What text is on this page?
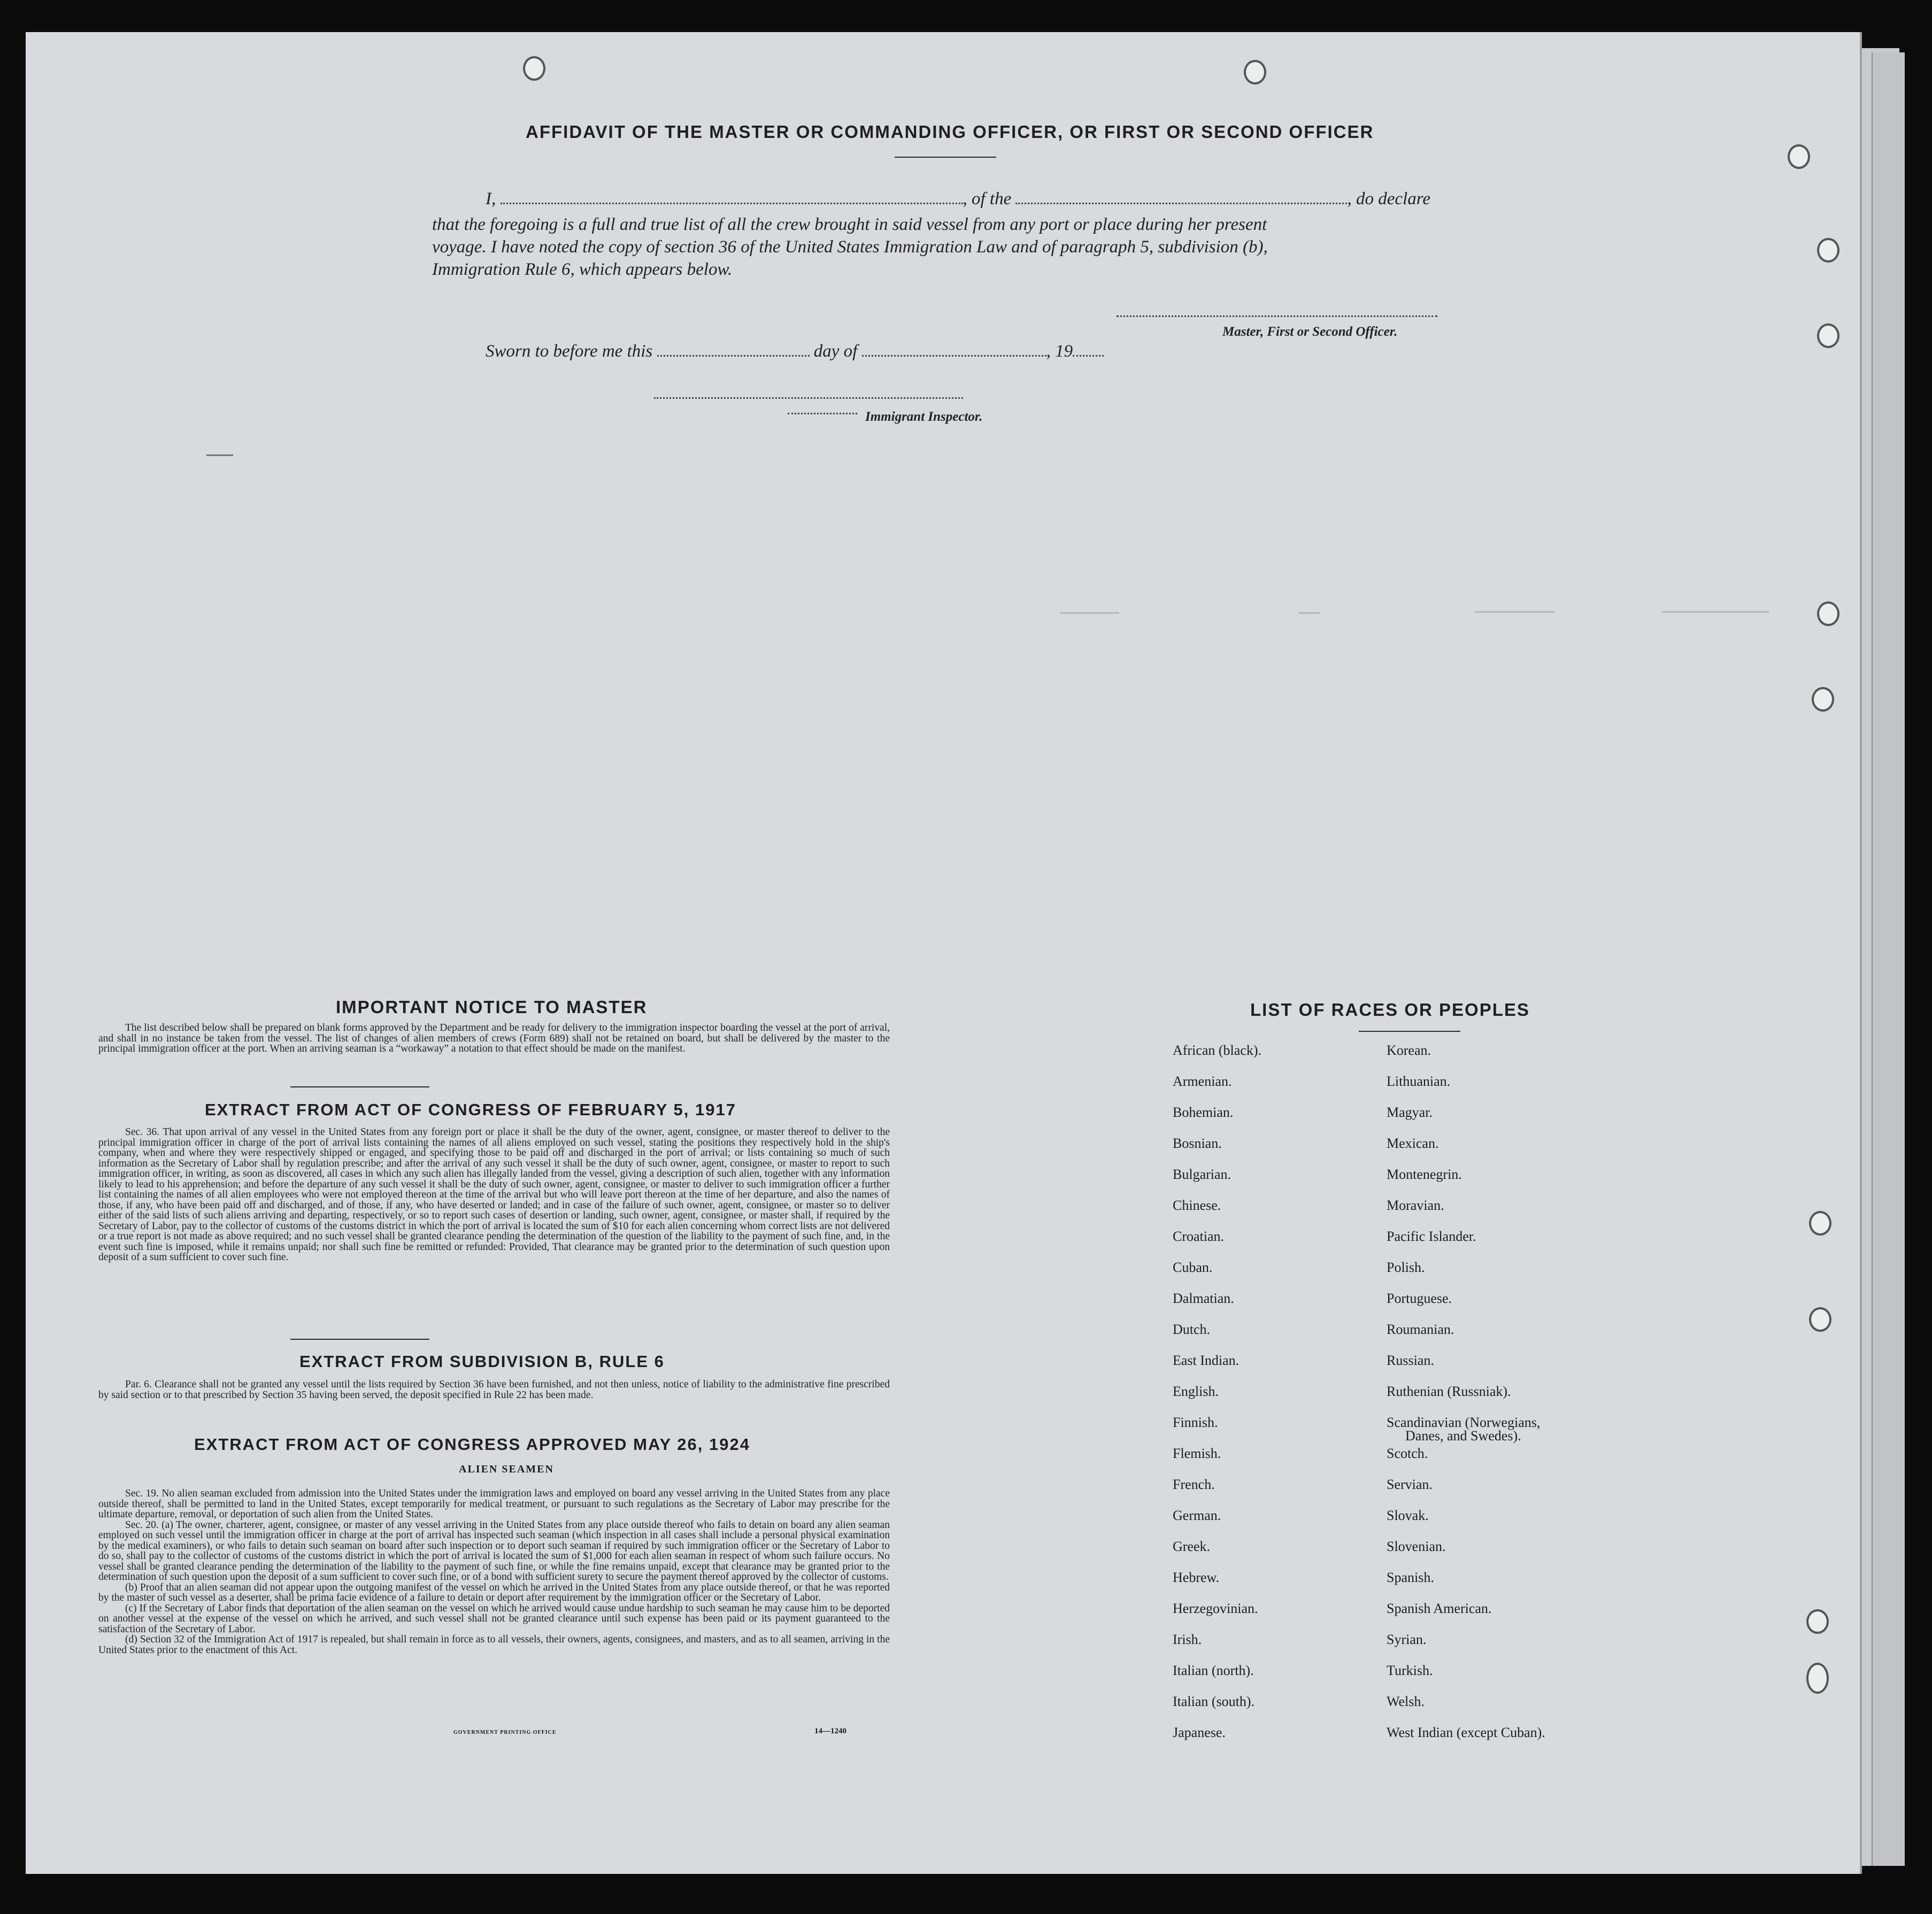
AFFIDAVIT OF THE MASTER OR COMMANDING OFFICER, OR FIRST OR SECOND OFFICER
I,	, of the	, do declare
that the foregoing is a full and true list of all the crew brought in said vessel from any port or place during her present
voyage. I have noted the copy of section 36 of the United States Immigration Law and of paragraph 5, subdivision (b),
Immigration Rule 6, which appears below.
Master, First or Second Officer.
Sworn to before me this	day of	, 19
Immigrant Inspector.
IMPORTANT NOTICE TO MASTER
The list described below shall be prepared on blank forms approved by the Department and be ready for delivery to the immigration inspector boarding the vessel at the port of arrival, and shall in no instance be taken from the vessel. The list of changes of alien members of crews (Form 689) shall not be retained on board, but shall be delivered by the master to the principal immigration officer at the port. When an arriving seaman is a “workaway” a notation to that effect should be made on the manifest.
EXTRACT FROM ACT OF CONGRESS OF FEBRUARY 5, 1917
Sec. 36. That upon arrival of any vessel in the United States from any foreign port or place it shall be the duty of the owner, agent, consignee, or master thereof to deliver to the principal immigration officer in charge of the port of arrival lists containing the names of all aliens employed on such vessel, stating the positions they respectively hold in the ship's company, when and where they were respectively shipped or engaged, and specifying those to be paid off and discharged in the port of arrival; or lists containing so much of such information as the Secretary of Labor shall by regulation prescribe; and after the arrival of any such vessel it shall be the duty of such owner, agent, consignee, or master to report to such immigration officer, in writing, as soon as discovered, all cases in which any such alien has illegally landed from the vessel, giving a description of such alien, together with any information likely to lead to his apprehension; and before the departure of any such vessel it shall be the duty of such owner, agent, consignee, or master to deliver to such immigration officer a further list containing the names of all alien employees who were not employed thereon at the time of the arrival but who will leave port thereon at the time of her departure, and also the names of those, if any, who have been paid off and discharged, and of those, if any, who have deserted or landed; and in case of the failure of such owner, agent, consignee, or master so to deliver either of the said lists of such aliens arriving and departing, respectively, or so to report such cases of desertion or landing, such owner, agent, consignee, or master shall, if required by the Secretary of Labor, pay to the collector of customs of the customs district in which the port of arrival is located the sum of $10 for each alien concerning whom correct lists are not delivered or a true report is not made as above required; and no such vessel shall be granted clearance pending the determination of the question of the liability to the payment of such fine, and, in the event such fine is imposed, while it remains unpaid; nor shall such fine be remitted or refunded: Provided, That clearance may be granted prior to the determination of such question upon deposit of a sum sufficient to cover such fine.
EXTRACT FROM SUBDIVISION B, RULE 6
Par. 6. Clearance shall not be granted any vessel until the lists required by Section 36 have been furnished, and not then unless, notice of liability to the administrative fine prescribed by said section or to that prescribed by Section 35 having been served, the deposit specified in Rule 22 has been made.
EXTRACT FROM ACT OF CONGRESS APPROVED MAY 26, 1924
ALIEN SEAMEN
Sec. 19. No alien seaman excluded from admission into the United States under the immigration laws and employed on board any vessel arriving in the United States from any place outside thereof, shall be permitted to land in the United States, except temporarily for medical treatment, or pursuant to such regulations as the Secretary of Labor may prescribe for the ultimate departure, removal, or deportation of such alien from the United States.
Sec. 20. (a) The owner, charterer, agent, consignee, or master of any vessel arriving in the United States from any place outside thereof who fails to detain on board any alien seaman employed on such vessel until the immigration officer in charge at the port of arrival has inspected such seaman (which inspection in all cases shall include a personal physical examination by the medical examiners), or who fails to detain such seaman on board after such inspection or to deport such seaman if required by such immigration officer or the Secretary of Labor to do so, shall pay to the collector of customs of the customs district in which the port of arrival is located the sum of $1,000 for each alien seaman in respect of whom such failure occurs. No vessel shall be granted clearance pending the determination of the liability to the payment of such fine, or while the fine remains unpaid, except that clearance may be granted prior to the determination of such question upon the deposit of a sum sufficient to cover such fine, or of a bond with sufficient surety to secure the payment thereof approved by the collector of customs.
(b) Proof that an alien seaman did not appear upon the outgoing manifest of the vessel on which he arrived in the United States from any place outside thereof, or that he was reported by the master of such vessel as a deserter, shall be prima facie evidence of a failure to detain or deport after requirement by the immigration officer or the Secretary of Labor.
(c) If the Secretary of Labor finds that deportation of the alien seaman on the vessel on which he arrived would cause undue hardship to such seaman he may cause him to be deported on another vessel at the expense of the vessel on which he arrived, and such vessel shall not be granted clearance until such expense has been paid or its payment guaranteed to the satisfaction of the Secretary of Labor.
(d) Section 32 of the Immigration Act of 1917 is repealed, but shall remain in force as to all vessels, their owners, agents, consignees, and masters, and as to all seamen, arriving in the United States prior to the enactment of this Act.
GOVERNMENT PRINTING OFFICE	14—1240
LIST OF RACES OR PEOPLES
African (black).
Armenian.
Bohemian.
Bosnian.
Bulgarian.
Chinese.
Croatian.
Cuban.
Dalmatian.
Dutch.
East Indian.
English.
Finnish.
Flemish.
French.
German.
Greek.
Hebrew.
Herzegovinian.
Irish.
Italian (north).
Italian (south).
Japanese.
Korean.
Lithuanian.
Magyar.
Mexican.
Montenegrin.
Moravian.
Pacific Islander.
Polish.
Portuguese.
Roumanian.
Russian.
Ruthenian (Russniak).
Scandinavian (Norwegians,
Scotch.
Servian.
Slovak.
Slovenian.
Spanish.
Spanish American.
Syrian.
Turkish.
Welsh.
West Indian (except Cuban).
Danes, and Swedes).
